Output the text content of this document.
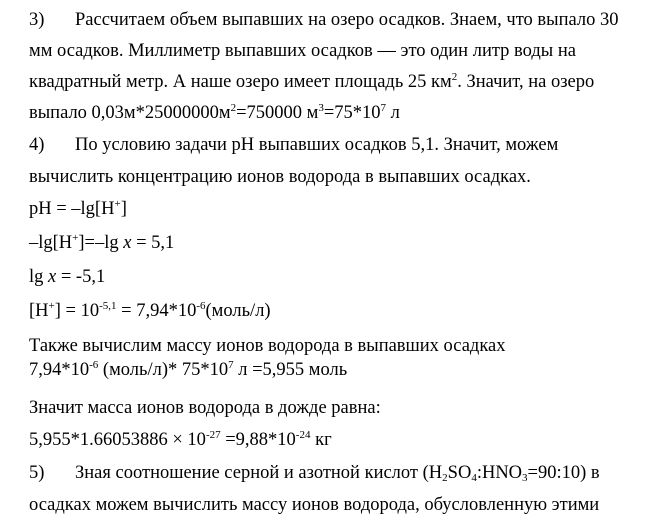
3) Рассчитаем объем выпавших на озеро осадков. Знаем, что выпало 30
мм осадков. Миллиметр выпавших осадков — это один литр воды на
квадратный метр. А наше озеро имеет площадь 25 $км^2$. Значит, на озеро
выпало $0,03м*25000000м^2=750000$ $м^3=75*10^7$ л
4) По условию задачи pH выпавших осадков 5,1. Значит, можем
вычислить концентрацию ионов водорода в выпавших осадках.
pH = –lg[H+]
–lg[H+]=–lg x = 5,1
lg x = -5,1
$[H^+] = 10^{-5,1}$ = $7,94*10^{-6}(моль/л)$
Также вычислим массу ионов водорода в выпавших осадках
$7,94*10^{-6}$ (моль/л)* $75*10^7$ л =5,955 моль
Значит масса ионов водорода в дожде равна:
$5,955*1.66053886 \times 10^{-27} =9,88*10^{-24}$ кг
5) Зная соотношение серной и азотной кислот $(H_2SO_4:HNO_3=90:10)$ в
осадках можем вычислить массу ионов водорода, обусловленную этими
